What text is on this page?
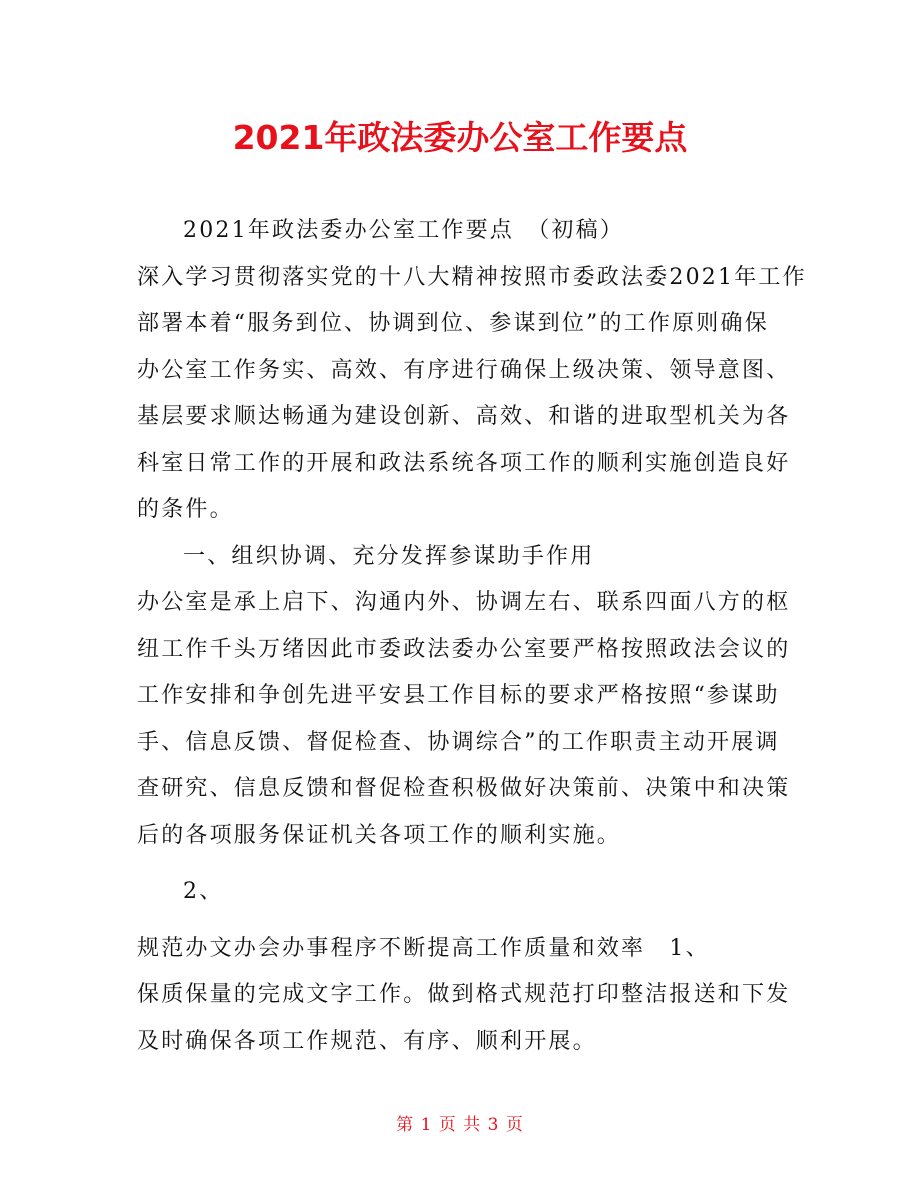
2021年政法委办公室工作要点
2021年政法委办公室工作要点　（初稿）
深入学习贯彻落实党的十八大精神按照市委政法委2021年工作
部署本着“服务到位、协调到位、参谋到位”的工作原则确保
办公室工作务实、高效、有序进行确保上级决策、领导意图、
基层要求顺达畅通为建设创新、高效、和谐的进取型机关为各
科室日常工作的开展和政法系统各项工作的顺利实施创造良好
的条件。
一、组织协调、充分发挥参谋助手作用
办公室是承上启下、沟通内外、协调左右、联系四面八方的枢
纽工作千头万绪因此市委政法委办公室要严格按照政法会议的
工作安排和争创先进平安县工作目标的要求严格按照“参谋助
手、信息反馈、督促检查、协调综合”的工作职责主动开展调
查研究、信息反馈和督促检查积极做好决策前、决策中和决策
后的各项服务保证机关各项工作的顺利实施。
2、
规范办文办会办事程序不断提高工作质量和效率　1、
保质保量的完成文字工作。做到格式规范打印整洁报送和下发
及时确保各项工作规范、有序、顺利开展。
第 1 页 共 3 页
